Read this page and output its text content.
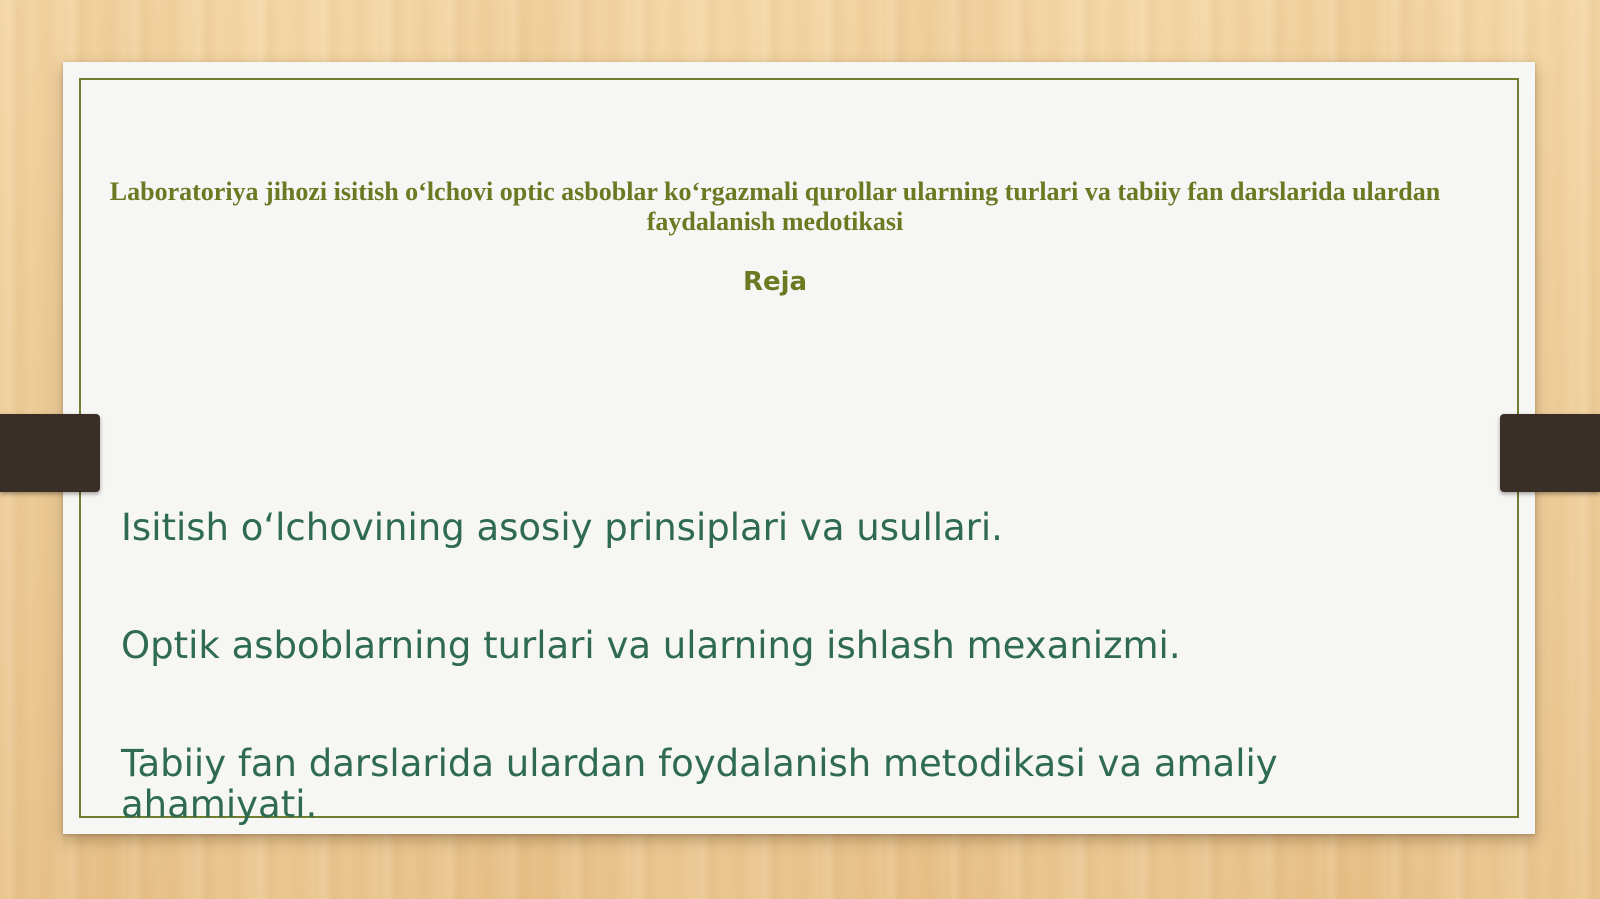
Laboratoriya jihozi isitish o‘lchovi optic asboblar ko‘rgazmali qurollar ularning turlari va tabiiy fan darslarida ulardan faydalanish medotikasi
Reja
Isitish o‘lchovining asosiy prinsiplari va usullari.
Optik asboblarning turlari va ularning ishlash mexanizmi.
Tabiiy fan darslarida ulardan foydalanish metodikasi va amaliy ahamiyati.
